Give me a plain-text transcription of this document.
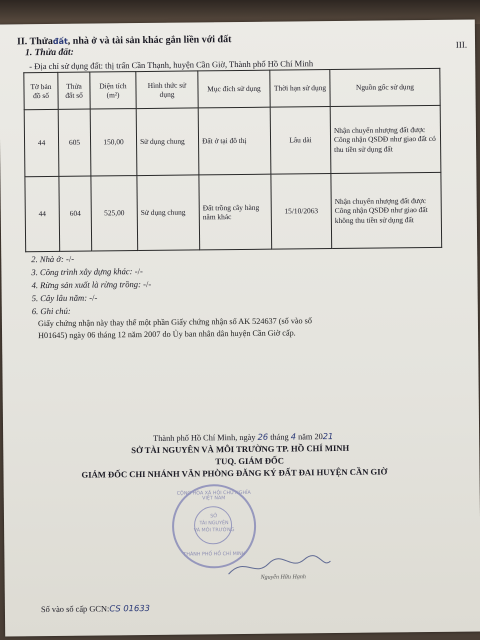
II. Thửađất, nhà ở và tài sản khác gắn liền với đất	III.
1. Thửa đất:
- Địa chỉ sử dụng đất: thị trấn Cần Thạnh, huyện Cần Giờ, Thành phố Hồ Chí Minh
Tờ bản đồ số	Thửa đất số	Diện tích (m²)	Hình thức sử dụng	Mục đích sử dụng	Thời hạn sử dụng	Nguồn gốc sử dụng
44	605	150,00	Sử dụng chung	Đất ở tại đô thị	Lâu dài	Nhận chuyển nhượng đất được Công nhận QSDĐ như giao đất có thu tiền sử dụng đất
44	604	525,00	Sử dụng chung	Đất trồng cây hàng năm khác	15/10/2063	Nhận chuyển nhượng đất được Công nhận QSDĐ như giao đất không thu tiền sử dụng đất
2. Nhà ở: -/-
3. Công trình xây dựng khác: -/-
4. Rừng sản xuất là rừng trồng: -/-
5. Cây lâu năm: -/-
6. Ghi chú:
Giấy chứng nhận này thay thế một phần Giấy chứng nhận số AK 524637 (số vào số
H01645) ngày 06 tháng 12 năm 2007 do Ủy ban nhân dân huyện Cần Giờ cấp.
Thành phố Hồ Chí Minh, ngày 26 tháng 4 năm 2021
SỞ TÀI NGUYÊN VÀ MÔI TRƯỜNG TP. HỒ CHÍ MINH
TUQ. GIÁM ĐỐC
GIÁM ĐỐC CHI NHÁNH VĂN PHÒNG ĐĂNG KÝ ĐẤT ĐAI HUYỆN CẦN GIỜ
CỘNG HÒA XÃ HỘI CHỦ NGHĨA VIỆT NAM
SỞ
TÀI NGUYÊN
VÀ MÔI TRƯỜNG
THÀNH PHỐ HỒ CHÍ MINH
Nguyễn Hữu Hạnh
Số vào sổ cấp GCN:CS 01633
